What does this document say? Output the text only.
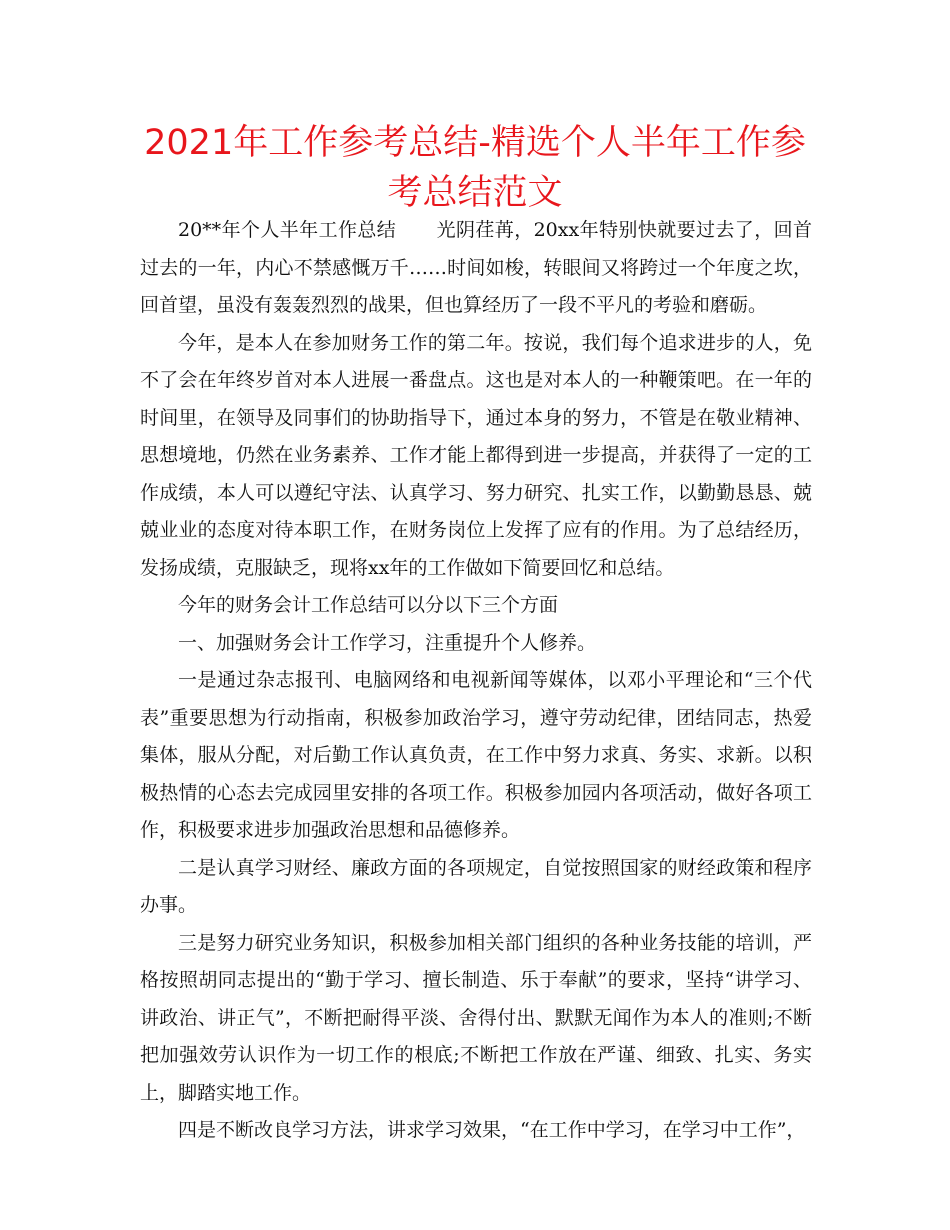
2021年工作参考总结-精选个人半年工作参考总结范文

20**年个人半年工作总结 光阴荏苒，20xx年特别快就要过去了，回首过去的一年，内心不禁感慨万千……时间如梭，转眼间又将跨过一个年度之坎，回首望，虽没有轰轰烈烈的战果，但也算经历了一段不平凡的考验和磨砺。

今年，是本人在参加财务工作的第二年。按说，我们每个追求进步的人，免不了会在年终岁首对本人进展一番盘点。这也是对本人的一种鞭策吧。在一年的时间里，在领导及同事们的协助指导下，通过本身的努力，不管是在敬业精神、思想境地，仍然在业务素养、工作才能上都得到进一步提高，并获得了一定的工作成绩，本人可以遵纪守法、认真学习、努力研究、扎实工作，以勤勤恳恳、兢兢业业的态度对待本职工作，在财务岗位上发挥了应有的作用。为了总结经历，发扬成绩，克服缺乏，现将xx年的工作做如下简要回忆和总结。

今年的财务会计工作总结可以分以下三个方面

一、加强财务会计工作学习，注重提升个人修养。

一是通过杂志报刊、电脑网络和电视新闻等媒体，以邓小平理论和“三个代表”重要思想为行动指南，积极参加政治学习，遵守劳动纪律，团结同志，热爱集体，服从分配，对后勤工作认真负责，在工作中努力求真、务实、求新。以积极热情的心态去完成园里安排的各项工作。积极参加园内各项活动，做好各项工作，积极要求进步加强政治思想和品德修养。

二是认真学习财经、廉政方面的各项规定，自觉按照国家的财经政策和程序办事。

三是努力研究业务知识，积极参加相关部门组织的各种业务技能的培训，严格按照胡同志提出的“勤于学习、擅长制造、乐于奉献”的要求，坚持“讲学习、讲政治、讲正气”，不断把耐得平淡、舍得付出、默默无闻作为本人的准则;不断把加强效劳认识作为一切工作的根底;不断把工作放在严谨、细致、扎实、务实上，脚踏实地工作。

四是不断改良学习方法，讲求学习效果，“在工作中学习，在学习中工作”，
